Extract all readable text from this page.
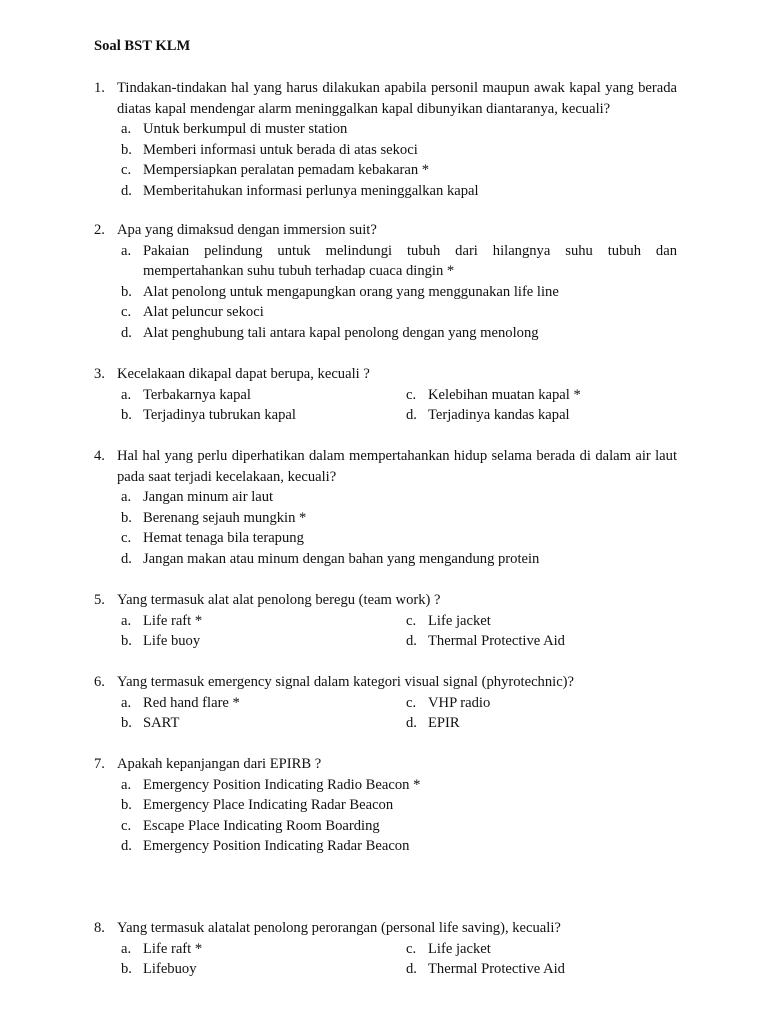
Soal BST KLM
1. Tindakan-tindakan hal yang harus dilakukan apabila personil maupun awak kapal yang berada diatas kapal mendengar alarm meninggalkan kapal dibunyikan diantaranya, kecuali?
a. Untuk berkumpul di muster station
b. Memberi informasi untuk berada di atas sekoci
c. Mempersiapkan peralatan pemadam kebakaran *
d. Memberitahukan informasi perlunya meninggalkan kapal
2. Apa yang dimaksud dengan immersion suit?
a. Pakaian pelindung untuk melindungi tubuh dari hilangnya suhu tubuh dan mempertahankan suhu tubuh terhadap cuaca dingin *
b. Alat penolong untuk mengapungkan orang yang menggunakan life line
c. Alat peluncur sekoci
d. Alat penghubung tali antara kapal penolong dengan yang menolong
3. Kecelakaan dikapal dapat berupa, kecuali ?
a. Terbakarnya kapal	c. Kelebihan muatan kapal *
b. Terjadinya tubrukan kapal	d. Terjadinya kandas kapal
4. Hal hal yang perlu diperhatikan dalam mempertahankan hidup selama berada di dalam air laut pada saat terjadi kecelakaan, kecuali?
a. Jangan minum air laut
b. Berenang sejauh mungkin *
c. Hemat tenaga bila terapung
d. Jangan makan atau minum dengan bahan yang mengandung protein
5. Yang termasuk alat alat penolong beregu (team work) ?
a. Life raft *	c. Life jacket
b. Life buoy	d. Thermal Protective Aid
6. Yang termasuk emergency signal dalam kategori visual signal (phyrotechnic)?
a. Red hand flare *	c. VHP radio
b. SART	d. EPIR
7. Apakah kepanjangan dari EPIRB ?
a. Emergency Position Indicating Radio Beacon *
b. Emergency Place Indicating Radar Beacon
c. Escape Place Indicating Room Boarding
d. Emergency Position Indicating Radar Beacon
8. Yang termasuk alatalat penolong perorangan (personal life saving), kecuali?
a. Life raft *	c. Life jacket
b. Lifebuoy	d. Thermal Protective Aid
